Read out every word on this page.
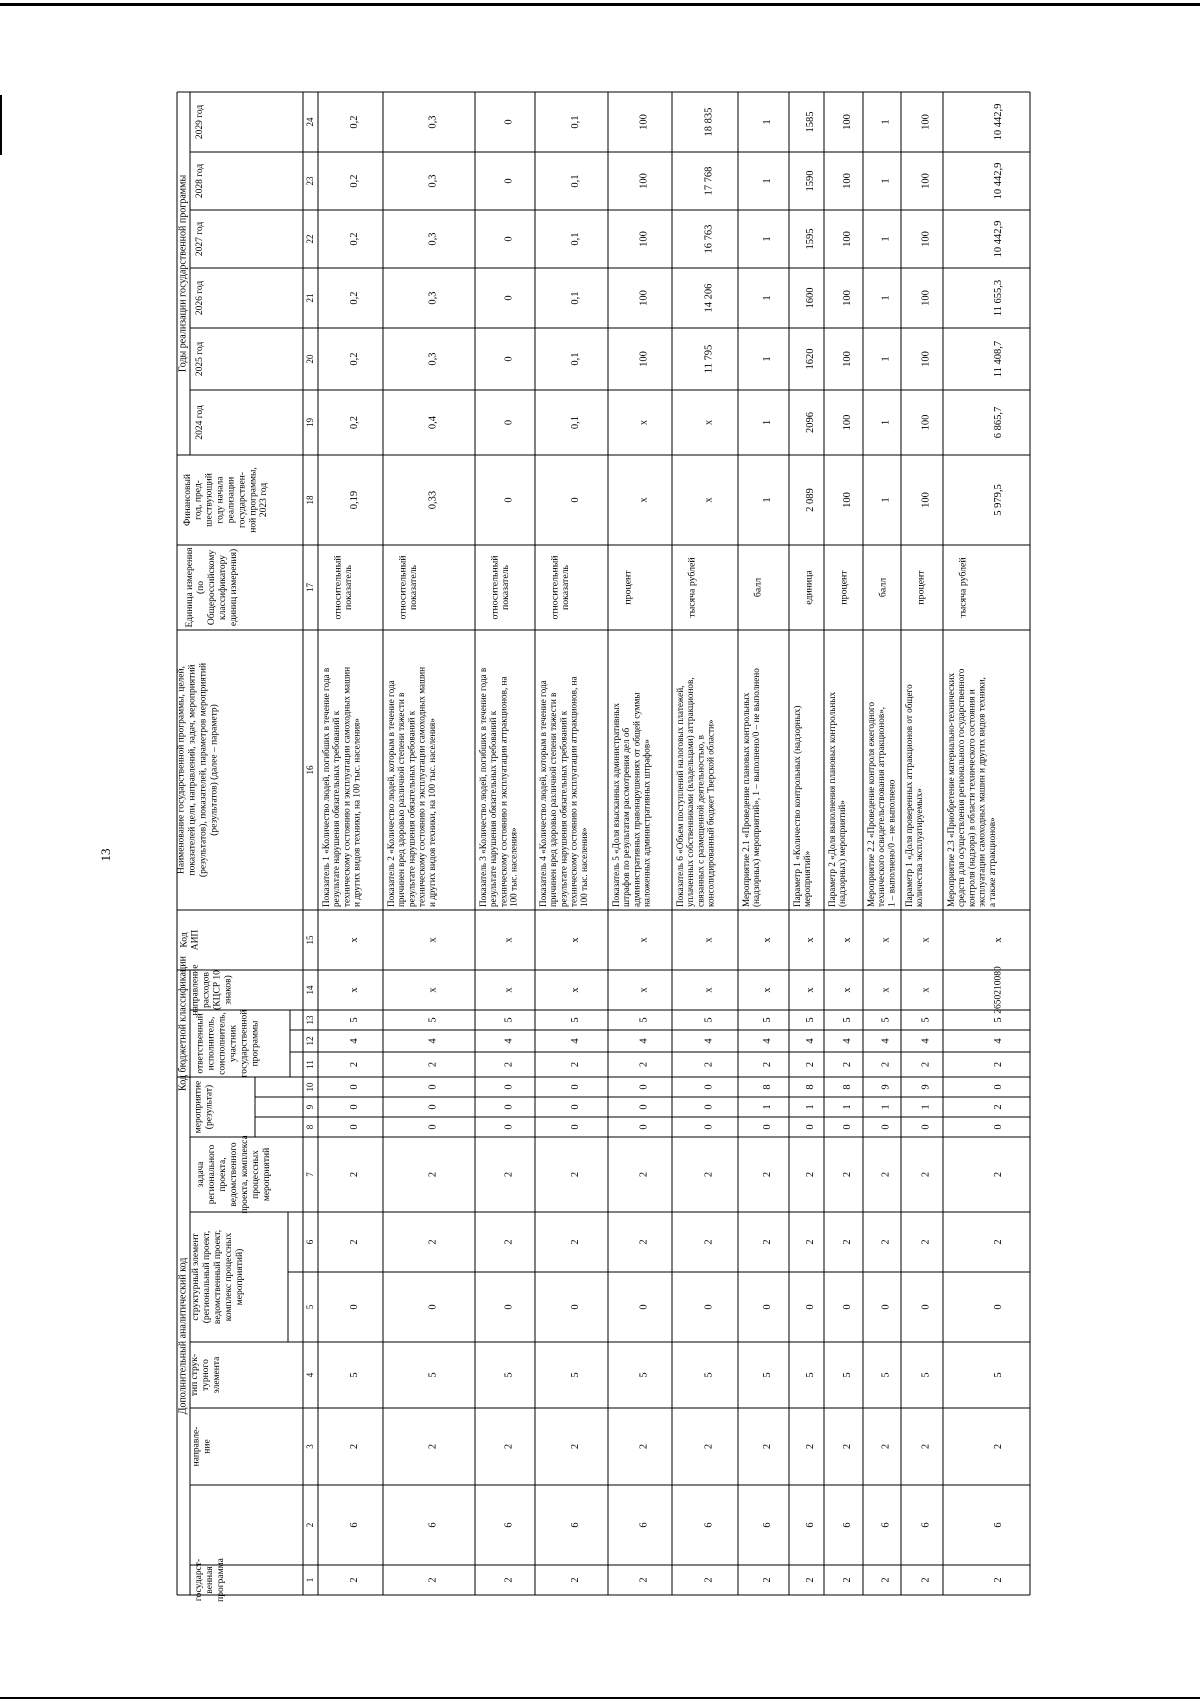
13
Дополнительный аналитический код
Код бюджетной классификации
Годы реализации государственной программы
государст- венная программа
направле- ние
тип струк- турного элемента
структурный элемент (региональный проект, ведомственный проект, комплекс процессных мероприятий)
задача регионального проекта, ведомственного проекта, комплекса процессных мероприятий
мероприятие (результат)
ответственный исполнитель, соисполнитель, участник государственной программы
направление расходов (КЦСР 10 знаков)
Код АИП
Наименование государственной программы, целей, показателей цели, направлений, задач, мероприятий (результатов), показателей, параметров мероприятий (результатов) (далее – параметр)
Единица измерения (по Общероссийскому классификатору единиц измерения)
Финансовый год, пред- шествующий году начала реализации государствен- ной программы, 2023 год
2024 год
2025 год
2026 год
2027 год
2028 год
2029 год
1
2
3
4
5
6
7
8
9
10
11
12
13
14
15
16
17
18
19
20
21
22
23
24
2
6
2
5
0
2
2
0
0
0
2
4
5
х
х
Показатель 1 «Количество людей, погибших в течение года в результате нарушения обязательных требований к техническому состоянию и эксплуатации самоходных машин и других видов техники, на 100 тыс. населения»
относительный показатель
0,19
0,2
0,2
0,2
0,2
0,2
0,2
2
6
2
5
0
2
2
0
0
0
2
4
5
х
х
Показатель 2 «Количество людей, которым в течение года причинен вред здоровью различной степени тяжести в результате нарушения обязательных требований к техническому состоянию и эксплуатации самоходных машин и других видов техники, на 100 тыс. населения»
относительный показатель
0,33
0,4
0,3
0,3
0,3
0,3
0,3
2
6
2
5
0
2
2
0
0
0
2
4
5
х
х
Показатель 3 «Количество людей, погибших в течение года в результате нарушения обязательных требований к техническому состоянию и эксплуатации аттракционов, на 100 тыс. населения»
относительный показатель
0
0
0
0
0
0
0
2
6
2
5
0
2
2
0
0
0
2
4
5
х
х
Показатель 4 «Количество людей, которым в течение года причинен вред здоровью различной степени тяжести в результате нарушения обязательных требований к техническому состоянию и эксплуатации аттракционов, на 100 тыс. населения»
относительный показатель
0
0,1
0,1
0,1
0,1
0,1
0,1
2
6
2
5
0
2
2
0
0
0
2
4
5
х
х
Показатель 5 «Доля взысканных административных штрафов по результатам рассмотрения дел об административных правонарушениях от общей суммы наложенных административных штрафов»
процент
х
х
100
100
100
100
100
2
6
2
5
0
2
2
0
0
0
2
4
5
х
х
Показатель 6 «Объем поступлений налоговых платежей, уплаченных собственниками (владельцами) аттракционов, связанных с размещенной деятельностью, в консолидированный бюджет Тверской области»
тысяча рублей
х
х
11 795
14 206
16 763
17 768
18 835
2
6
2
5
0
2
2
0
1
8
2
4
5
х
х
Мероприятие 2.1 «Проведение плановых контрольных (надзорных) мероприятий», 1 – выполнено/0 – не выполнено
балл
1
1
1
1
1
1
1
2
6
2
5
0
2
2
0
1
8
2
4
5
х
х
Параметр 1 «Количество контрольных (надзорных) мероприятий»
единица
2 089
2096
1620
1600
1595
1590
1585
2
6
2
5
0
2
2
0
1
8
2
4
5
х
х
Параметр 2 «Доля выполнения плановых контрольных (надзорных) мероприятий»
процент
100
100
100
100
100
100
100
2
6
2
5
0
2
2
0
1
9
2
4
5
х
х
Мероприятие 2.2 «Проведение контроля ежегодного технического освидетельствования аттракционов», 1 – выполнено/0 – не выполнено
балл
1
1
1
1
1
1
1
2
6
2
5
0
2
2
0
1
9
2
4
5
х
х
Параметр 1 «Доля проверенных аттракционов от общего количества эксплуатируемых»
процент
100
100
100
100
100
100
100
2
6
2
5
0
2
2
0
2
0
2
4
5
2650210080
х
Мероприятие 2.3 «Приобретение материально-технических средств для осуществления регионального государственного контроля (надзора) в области технического состояния и эксплуатации самоходных машин и других видов техники, а также аттракционов»
тысяча рублей
5 979,5
6 865,7
11 408,7
11 655,3
10 442,9
10 442,9
10 442,9
